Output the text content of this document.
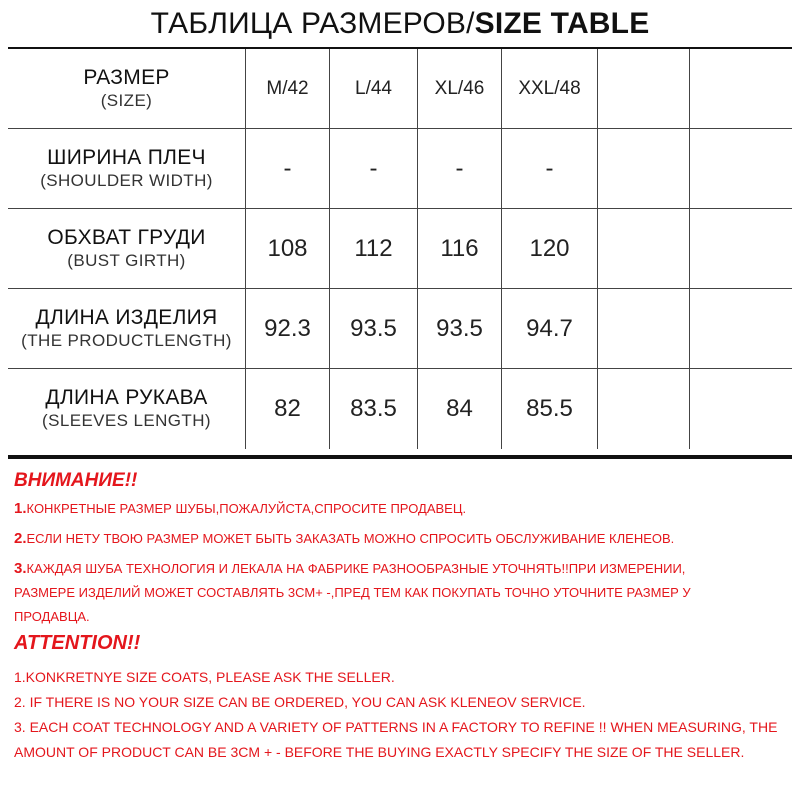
ТАБЛИЦА РАЗМЕРОВ/SIZE TABLE
РАЗМЕР
(SIZE)
M/42	L/44	XL/46	XXL/48
ШИРИНА ПЛЕЧ
(SHOULDER WIDTH)	-	-	-	-
ОБХВАТ ГРУДИ
(BUST GIRTH)	108	112	116	120
ДЛИНА ИЗДЕЛИЯ
(THE PRODUCTLENGTH)	92.3	93.5	93.5	94.7
ДЛИНА РУКАВА
(SLEEVES LENGTH)	82	83.5	84	85.5

ВНИМАНИЕ!!

1.КОНКРЕТНЫЕ РАЗМЕР ШУБЫ,ПОЖАЛУЙСТА,СПРОСИТЕ ПРОДАВЕЦ.

2.ЕСЛИ НЕТУ ТВОЮ РАЗМЕР МОЖЕТ БЫТЬ ЗАКАЗАТЬ МОЖНО СПРОСИТЬ ОБСЛУЖИВАНИЕ КЛЕНЕОВ.

3.КАЖДАЯ ШУБА ТЕХНОЛОГИЯ И ЛЕКАЛА НА ФАБРИКЕ РАЗНООБРАЗНЫЕ УТОЧНЯТЬ!!ПРИ ИЗМЕРЕНИИ,

РАЗМЕРЕ ИЗДЕЛИЙ МОЖЕТ СОСТАВЛЯТЬ 3СМ+ -,ПРЕД ТЕМ КАК ПОКУПАТЬ ТОЧНО УТОЧНИТЕ РАЗМЕР У

ПРОДАВЦА.

ATTENTION!!

1.KONKRETNYE SIZE COATS, PLEASE ASK THE SELLER.

2. IF THERE IS NO YOUR SIZE CAN BE ORDERED, YOU CAN ASK KLENEOV SERVICE.

3. EACH COAT TECHNOLOGY AND A VARIETY OF PATTERNS IN A FACTORY TO REFINE !! WHEN MEASURING, THE

AMOUNT OF PRODUCT CAN BE 3CM + - BEFORE THE BUYING EXACTLY SPECIFY THE SIZE OF THE SELLER.
